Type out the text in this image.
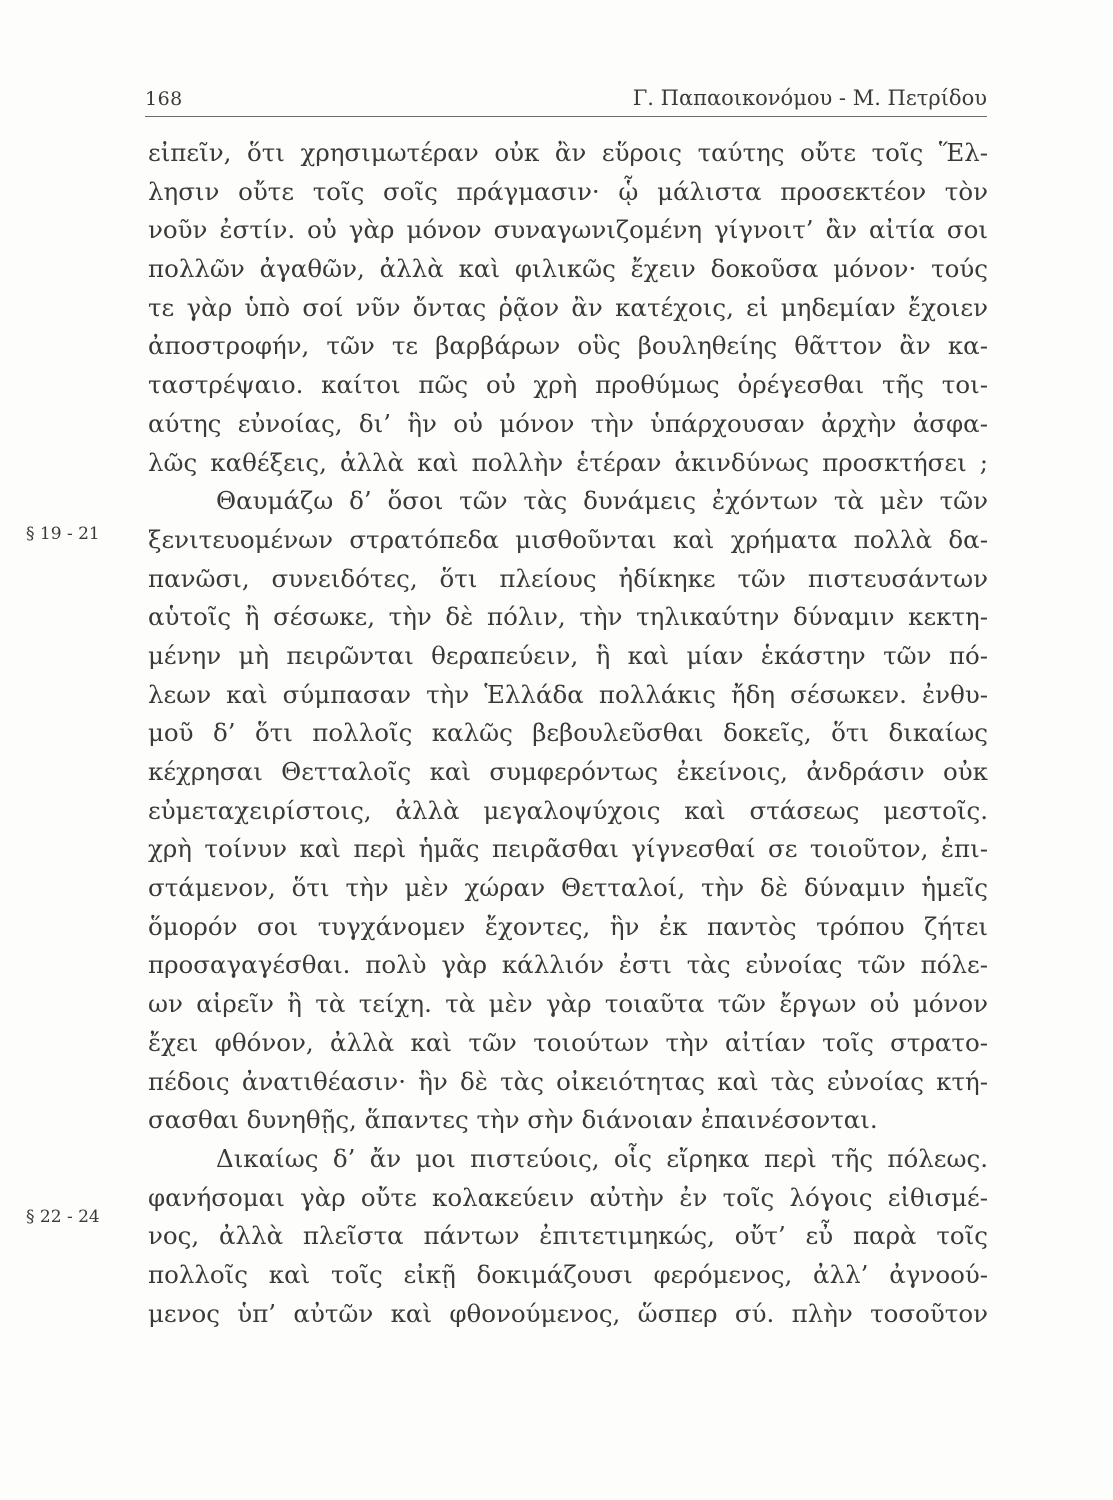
168	Γ. Παπαοικονόμου - Μ. Πετρίδου
§ 19 - 21
§ 22 - 24
εἰπεῖν, ὅτι χρησιμωτέραν οὐκ ἂν εὕροις ταύτης οὔτε τοῖς Ἕλ-
λησιν οὔτε τοῖς σοῖς πράγμασιν· ᾧ μάλιστα προσεκτέον τὸν
νοῦν ἐστίν. οὐ γὰρ μόνον συναγωνιζομένη γίγνοιτ’ ἂν αἰτία σοι
πολλῶν ἀγαθῶν, ἀλλὰ καὶ φιλικῶς ἔχειν δοκοῦσα μόνον· τούς
τε γὰρ ὑπὸ σοί νῦν ὄντας ῥᾷον ἂν κατέχοις, εἰ μηδεμίαν ἔχοιεν
ἀποστροφήν, τῶν τε βαρβάρων οὓς βουληθείης θᾶττον ἂν κα-
ταστρέψαιο. καίτοι πῶς οὐ χρὴ προθύμως ὀρέγεσθαι τῆς τοι-
αύτης εὐνοίας, δι’ ἣν οὐ μόνον τὴν ὑπάρχουσαν ἀρχὴν ἀσφα-
λῶς καθέξεις, ἀλλὰ καὶ πολλὴν ἑτέραν ἀκινδύνως προσκτήσει ;
Θαυμάζω δ’ ὅσοι τῶν τὰς δυνάμεις ἐχόντων τὰ μὲν τῶν
ξενιτευομένων στρατόπεδα μισθοῦνται καὶ χρήματα πολλὰ δα-
πανῶσι, συνειδότες, ὅτι πλείους ἠδίκηκε τῶν πιστευσάντων
αὑτοῖς ἢ σέσωκε, τὴν δὲ πόλιν, τὴν τηλικαύτην δύναμιν κεκτη-
μένην μὴ πειρῶνται θεραπεύειν, ἣ καὶ μίαν ἑκάστην τῶν πό-
λεων καὶ σύμπασαν τὴν Ἑλλάδα πολλάκις ἤδη σέσωκεν. ἐνθυ-
μοῦ δ’ ὅτι πολλοῖς καλῶς βεβουλεῦσθαι δοκεῖς, ὅτι δικαίως
κέχρησαι Θετταλοῖς καὶ συμφερόντως ἐκείνοις, ἀνδράσιν οὐκ
εὐμεταχειρίστοις, ἀλλὰ μεγαλοψύχοις καὶ στάσεως μεστοῖς.
χρὴ τοίνυν καὶ περὶ ἡμᾶς πειρᾶσθαι γίγνεσθαί σε τοιοῦτον, ἐπι-
στάμενον, ὅτι τὴν μὲν χώραν Θετταλοί, τὴν δὲ δύναμιν ἡμεῖς
ὅμορόν σοι τυγχάνομεν ἔχοντες, ἣν ἐκ παντὸς τρόπου ζήτει
προσαγαγέσθαι. πολὺ γὰρ κάλλιόν ἐστι τὰς εὐνοίας τῶν πόλε-
ων αἱρεῖν ἢ τὰ τείχη. τὰ μὲν γὰρ τοιαῦτα τῶν ἔργων οὐ μόνον
ἔχει φθόνον, ἀλλὰ καὶ τῶν τοιούτων τὴν αἰτίαν τοῖς στρατο-
πέδοις ἀνατιθέασιν· ἣν δὲ τὰς οἰκειότητας καὶ τὰς εὐνοίας κτή-
σασθαι δυνηθῇς, ἅπαντες τὴν σὴν διάνοιαν ἐπαινέσονται.
Δικαίως δ’ ἄν μοι πιστεύοις, οἷς εἴρηκα περὶ τῆς πόλεως.
φανήσομαι γὰρ οὔτε κολακεύειν αὐτὴν ἐν τοῖς λόγοις εἰθισμέ-
νος, ἀλλὰ πλεῖστα πάντων ἐπιτετιμηκώς, οὔτ’ εὖ παρὰ τοῖς
πολλοῖς καὶ τοῖς εἰκῇ δοκιμάζουσι φερόμενος, ἀλλ’ ἀγνοού-
μενος ὑπ’ αὐτῶν καὶ φθονούμενος, ὥσπερ σύ. πλὴν τοσοῦτον
